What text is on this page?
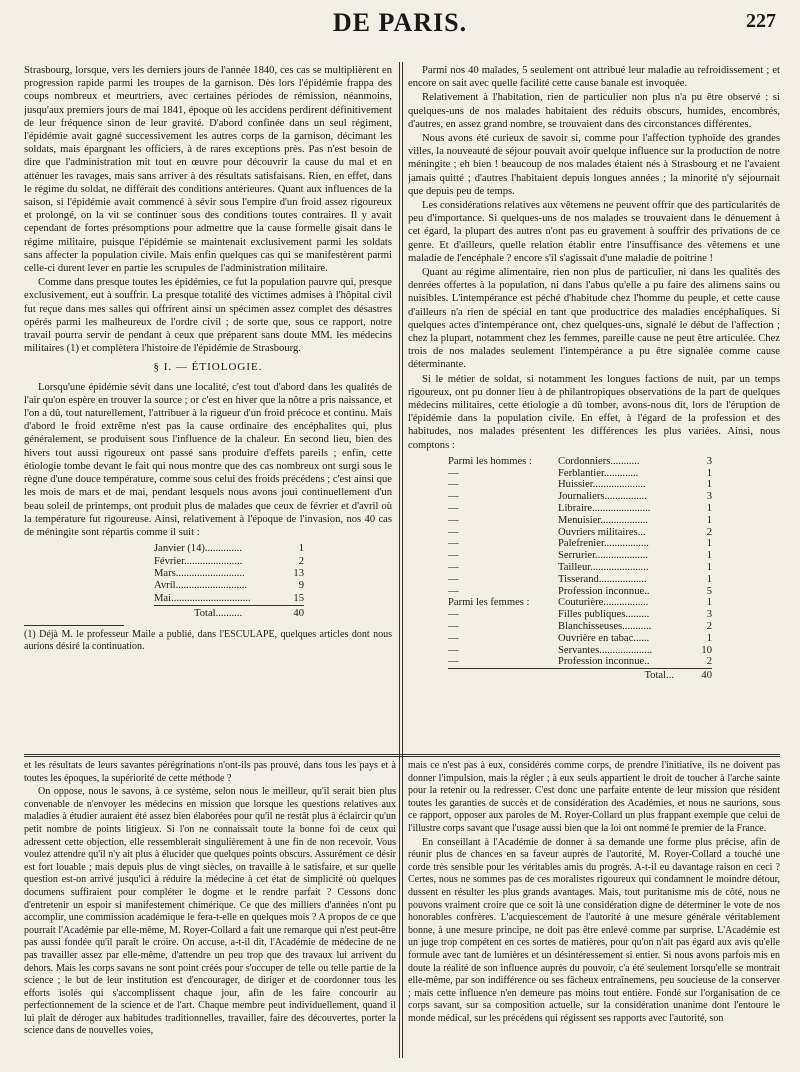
DE PARIS.	227

Strasbourg, lorsque, vers les derniers jours de l'année 1840, ces cas se multiplièrent en progression rapide parmi les troupes de la garnison. Dès lors l'épidémie frappa des coups nombreux et meurtriers, avec certaines périodes de rémission, néanmoins, jusqu'aux premiers jours de mai 1841, époque où les accidens perdirent définitivement de leur fréquence sinon de leur gravité. D'abord confinée dans un seul régiment, l'épidémie avait gagné successivement les autres corps de la garnison, décimant les soldats, mais épargnant les officiers, à de rares exceptions près. Pas n'est besoin de dire que l'administration mit tout en œuvre pour découvrir la cause du mal et en atténuer les ravages, mais sans arriver à des résultats satisfaisans. Rien, en effet, dans le régime du soldat, ne différait des conditions antérieures. Quant aux influences de la saison, si l'épidémie avait commencé à sévir sous l'empire d'un froid assez rigoureux et prolongé, on la vit se continuer sous des conditions toutes contraires. Il y avait cependant de fortes présomptions pour admettre que la cause formelle gisait dans le régime militaire, puisque l'épidémie se maintenait exclusivement parmi les soldats sans affecter la population civile. Mais enfin quelques cas qui se manifestèrent parmi celle-ci durent lever en partie les scrupules de l'administration militaire.

Comme dans presque toutes les épidémies, ce fut la population pauvre qui, presque exclusivement, eut à souffrir. La presque totalité des victimes admises à l'hôpital civil fut reçue dans mes salles qui offrirent ainsi un spécimen assez complet des désastres opérés parmi les malheureux de l'ordre civil ; de sorte que, sous ce rapport, notre travail pourra servir de pendant à ceux que préparent sans doute MM. les médecins militaires (1) et complètera l'histoire de l'épidémie de Strasbourg.

§ I. — ÉTIOLOGIE.

Lorsqu'une épidémie sévit dans une localité, c'est tout d'abord dans les qualités de l'air qu'on espère en trouver la source ; or c'est en hiver que la nôtre a pris naissance, et l'on a dû, tout naturellement, l'attribuer à la rigueur d'un froid précoce et continu. Mais d'abord le froid extrême n'est pas la cause ordinaire des encéphalites qui, plus généralement, se produisent sous l'influence de la chaleur. En second lieu, bien des hivers tout aussi rigoureux ont passé sans produire d'effets pareils ; enfin, cette étiologie tombe devant le fait qui nous montre que des cas nombreux ont surgi sous le règne d'une douce température, comme sous celui des froids précédens ; c'est ainsi que les mois de mars et de mai, pendant lesquels nous avons joui continuellement d'un beau soleil de printemps, ont produit plus de malades que ceux de février et d'avril où la température fut rigoureuse. Ainsi, relativement à l'époque de l'invasion, nos 40 cas de méningite sont répartis comme il suit :

Janvier (14)..............	1
Février......................	2
Mars..........................	13
Avril...........................	9
Mai..............................	15
Total..........	40

(1) Déjà M. le professeur Maile a publié, dans l'ESCULAPE, quelques articles dont nous aurions désiré la continuation.

Parmi nos 40 malades, 5 seulement ont attribué leur maladie au refroidissement ; et encore on sait avec quelle facilité cette cause banale est invoquée.

Relativement à l'habitation, rien de particulier non plus n'a pu être observé : si quelques-uns de nos malades habitaient des réduits obscurs, humides, encombrés, d'autres, en assez grand nombre, se trouvaient dans des circonstances différentes.

Nous avons été curieux de savoir si, comme pour l'affection typhoïde des grandes villes, la nouveauté de séjour pouvait avoir quelque influence sur la production de notre méningite ; eh bien ! beaucoup de nos malades étaient nés à Strasbourg et ne l'avaient jamais quitté ; d'autres l'habitaient depuis longues années ; la minorité n'y séjournait que depuis peu de temps.

Les considérations relatives aux vêtemens ne peuvent offrir que des particularités de peu d'importance. Si quelques-uns de nos malades se trouvaient dans le dénuement à cet égard, la plupart des autres n'ont pas eu gravement à souffrir des privations de ce genre. Et d'ailleurs, quelle relation établir entre l'insuffisance des vêtemens et une maladie de l'encéphale ? encore s'il s'agissait d'une maladie de poitrine !

Quant au régime alimentaire, rien non plus de particulier, ni dans les qualités des denrées offertes à la population, ni dans l'abus qu'elle a pu faire des alimens sains ou nuisibles. L'intempérance est péché d'habitude chez l'homme du peuple, et cette cause d'ailleurs n'a rien de spécial en tant que productrice des maladies encéphaliques. Si quelques actes d'intempérance ont, chez quelques-uns, signalé le début de l'affection ; chez la plupart, notamment chez les femmes, pareille cause ne peut être articulée. Chez trois de nos malades seulement l'intempérance a pu être signalée comme cause déterminante.

Si le métier de soldat, si notamment les longues factions de nuit, par un temps rigoureux, ont pu donner lieu à de philantropiques observations de la part de quelques médecins militaires, cette étiologie a dû tomber, avons-nous dit, lors de l'éruption de l'épidémie dans la population civile. En effet, à l'égard de la profession et des habitudes, nos malades présentent les différences les plus variées. Ainsi, nous comptons :

Parmi les hommes :	Cordonniers...........	3
—	Ferblantier.............	1
—	Huissier....................	1
—	Journaliers................	3
—	Libraire......................	1
—	Menuisier..................	1
—	Ouvriers militaires...	2
—	Palefrenier.................	1
—	Serrurier....................	1
—	Tailleur......................	1
—	Tisserand..................	1
—	Profession inconnue..	5
Parmi les femmes :	Couturière.................	1
—	Filles publiques.........	3
—	Blanchisseuses...........	2
—	Ouvrière en tabac......	1
—	Servantes....................	10
—	Profession inconnue..	2
	Total...	40

et les résultats de leurs savantes pérégrinations n'ont-ils pas prouvé, dans tous les pays et à toutes les époques, la supériorité de cette méthode ?

On oppose, nous le savons, à ce système, selon nous le meilleur, qu'il serait bien plus convenable de n'envoyer les médecins en mission que lorsque les questions relatives aux maladies à étudier auraient été assez bien élaborées pour qu'il ne restât plus à éclaircir qu'un petit nombre de points litigieux. Si l'on ne connaissait toute la bonne foi de ceux qui adressent cette objection, elle ressemblerait singulièrement à une fin de non recevoir. Vous voulez attendre qu'il n'y ait plus à élucider que quelques points obscurs. Assurément ce désir est fort louable ; mais depuis plus de vingt siècles, on travaille à le satisfaire, et sur quelle question est-on arrivé jusqu'ici à réduire la médecine à cet état de simplicité où quelques documens suffiraient pour compléter le dogme et le rendre parfait ? Cessons donc d'entretenir un espoir si manifestement chimérique. Ce que des milliers d'années n'ont pu accomplir, une commission académique le fera-t-elle en quelques mois ? A propos de ce que pourrait l'Académie par elle-même, M. Royer-Collard a fait une remarque qui n'est peut-être pas aussi fondée qu'il paraît le croire. On accuse, a-t-il dit, l'Académie de médecine de ne pas travailler assez par elle-même, d'attendre un peu trop que des travaux lui arrivent du dehors. Mais les corps savans ne sont point créés pour s'occuper de telle ou telle partie de la science ; le but de leur institution est d'encourager, de diriger et de coordonner tous les efforts isolés qui s'accomplissent chaque jour, afin de les faire concourir au perfectionnement de la science et de l'art. Chaque membre peut individuellement, quand il lui plaît de déroger aux habitudes traditionnelles, travailler, faire des découvertes, porter la science dans de nouvelles voies,

mais ce n'est pas à eux, considérés comme corps, de prendre l'initiative, ils ne doivent pas donner l'impulsion, mais la régler ; à eux seuls appartient le droit de toucher à l'arche sainte pour la retenir ou la redresser. C'est donc une parfaite entente de leur mission que résident toutes les garanties de succès et de considération des Académies, et nous ne saurions, sous ce rapport, opposer aux paroles de M. Royer-Collard un plus frappant exemple que celui de l'illustre corps savant que l'usage aussi bien que la loi ont nommé le premier de la France.

En conseillant à l'Académie de donner à sa demande une forme plus précise, afin de réunir plus de chances en sa faveur auprès de l'autorité, M. Royer-Collard a touché une corde très sensible pour les véritables amis du progrès. A-t-il eu davantage raison en ceci ? Certes, nous ne sommes pas de ces moralistes rigoureux qui condamnent le moindre détour, dussent en résulter les plus grands avantages. Mais, tout puritanisme mis de côté, nous ne pouvons vraiment croire que ce soit là une considération digne de déterminer le vote de nos honorables confrères. L'acquiescement de l'autorité à une mesure générale véritablement bonne, à une mesure principe, ne doit pas être enlevé comme par surprise. L'Académie est un juge trop compétent en ces sortes de matières, pour qu'on n'ait pas égard aux avis qu'elle formule avec tant de lumières et un désintéressement si entier. Si nous avons parfois mis en doute la réalité de son influence auprès du pouvoir, c'a été seulement lorsqu'elle se montrait elle-même, par son indifférence ou ses fâcheux entraînemens, peu soucieuse de la conserver ; mais cette influence n'en demeure pas moins tout entière. Fondé sur l'organisation de ce corps savant, sur sa composition actuelle, sur la considération unanime dont l'entoure le monde médical, sur les précédens qui régissent ses rapports avec l'autorité, son
